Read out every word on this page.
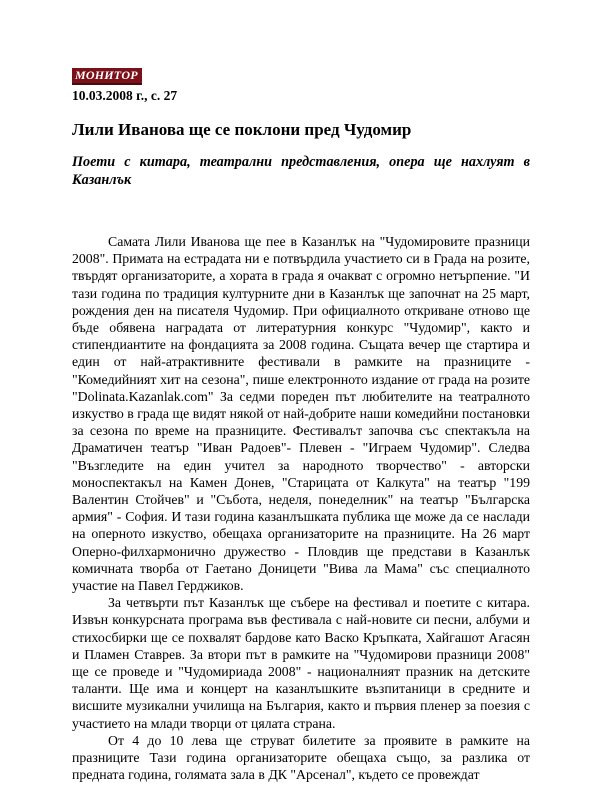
МОНИТОР
10.03.2008 г., с. 27
Лили Иванова ще се поклони пред Чудомир
Поети с китара, театрални представления, опера ще нахлуят в Казанлък

Самата Лили Иванова ще пее в Казанлък на "Чудомировите празници 2008". Примата на естрадата ни е потвърдила участието си в Града на розите, твърдят организаторите, а хората в града я очакват с огромно нетърпение. "И тази година по традиция културните дни в Казанлък ще започнат на 25 март, рождения ден на писателя Чудомир. При официалното откриване отново ще бъде обявена наградата от литературния конкурс "Чудомир", както и стипендиантите на фондацията за 2008 година. Същата вечер ще стартира и един от най-атрактивните фестивали в рамките на празниците - "Комедийният хит на сезона", пише електронното издание от града на розите "Dolinata.Kazanlak.com" За седми пореден път любителите на театралното изкуство в града ще видят някой от най-добрите наши комедийни постановки за сезона по време на празниците. Фестивалът започва със спектакъла на Драматичен театър "Иван Радоев"- Плевен - "Играем Чудомир". Следва "Възгледите на един учител за народното творчество" - авторски моноспектакъл на Камен Донев, "Старицата от Калкута" на театър "199 Валентин Стойчев" и "Събота, неделя, понеделник" на театър "Българска армия" - София. И тази година казанлъшката публика ще може да се наслади на оперното изкуство, обещаха организаторите на празниците. На 26 март Оперно-филхармонично дружество - Пловдив ще представи в Казанлък комичната творба от Гаетано Доницети "Вива ла Мама" със специалното участие на Павел Герджиков.

За четвърти път Казанлък ще събере на фестивал и поетите с китара. Извън конкурсната програма във фестивала с най-новите си песни, албуми и стихосбирки ще се похвалят бардове като Васко Кръпката, Хайгашот Агасян и Пламен Ставрев. За втори път в рамките на "Чудомирови празници 2008" ще се проведе и "Чудомириада 2008" - националният празник на детските таланти. Ще има и концерт на казанлъшките възпитаници в средните и висшите музикални училища на България, както и първия пленер за поезия с участието на млади творци от цялата страна.

От 4 до 10 лева ще струват билетите за проявите в рамките на празниците Тази година организаторите обещахa също, за разлика от предната година, голямата зала в ДК "Арсенал", където се провеждат
